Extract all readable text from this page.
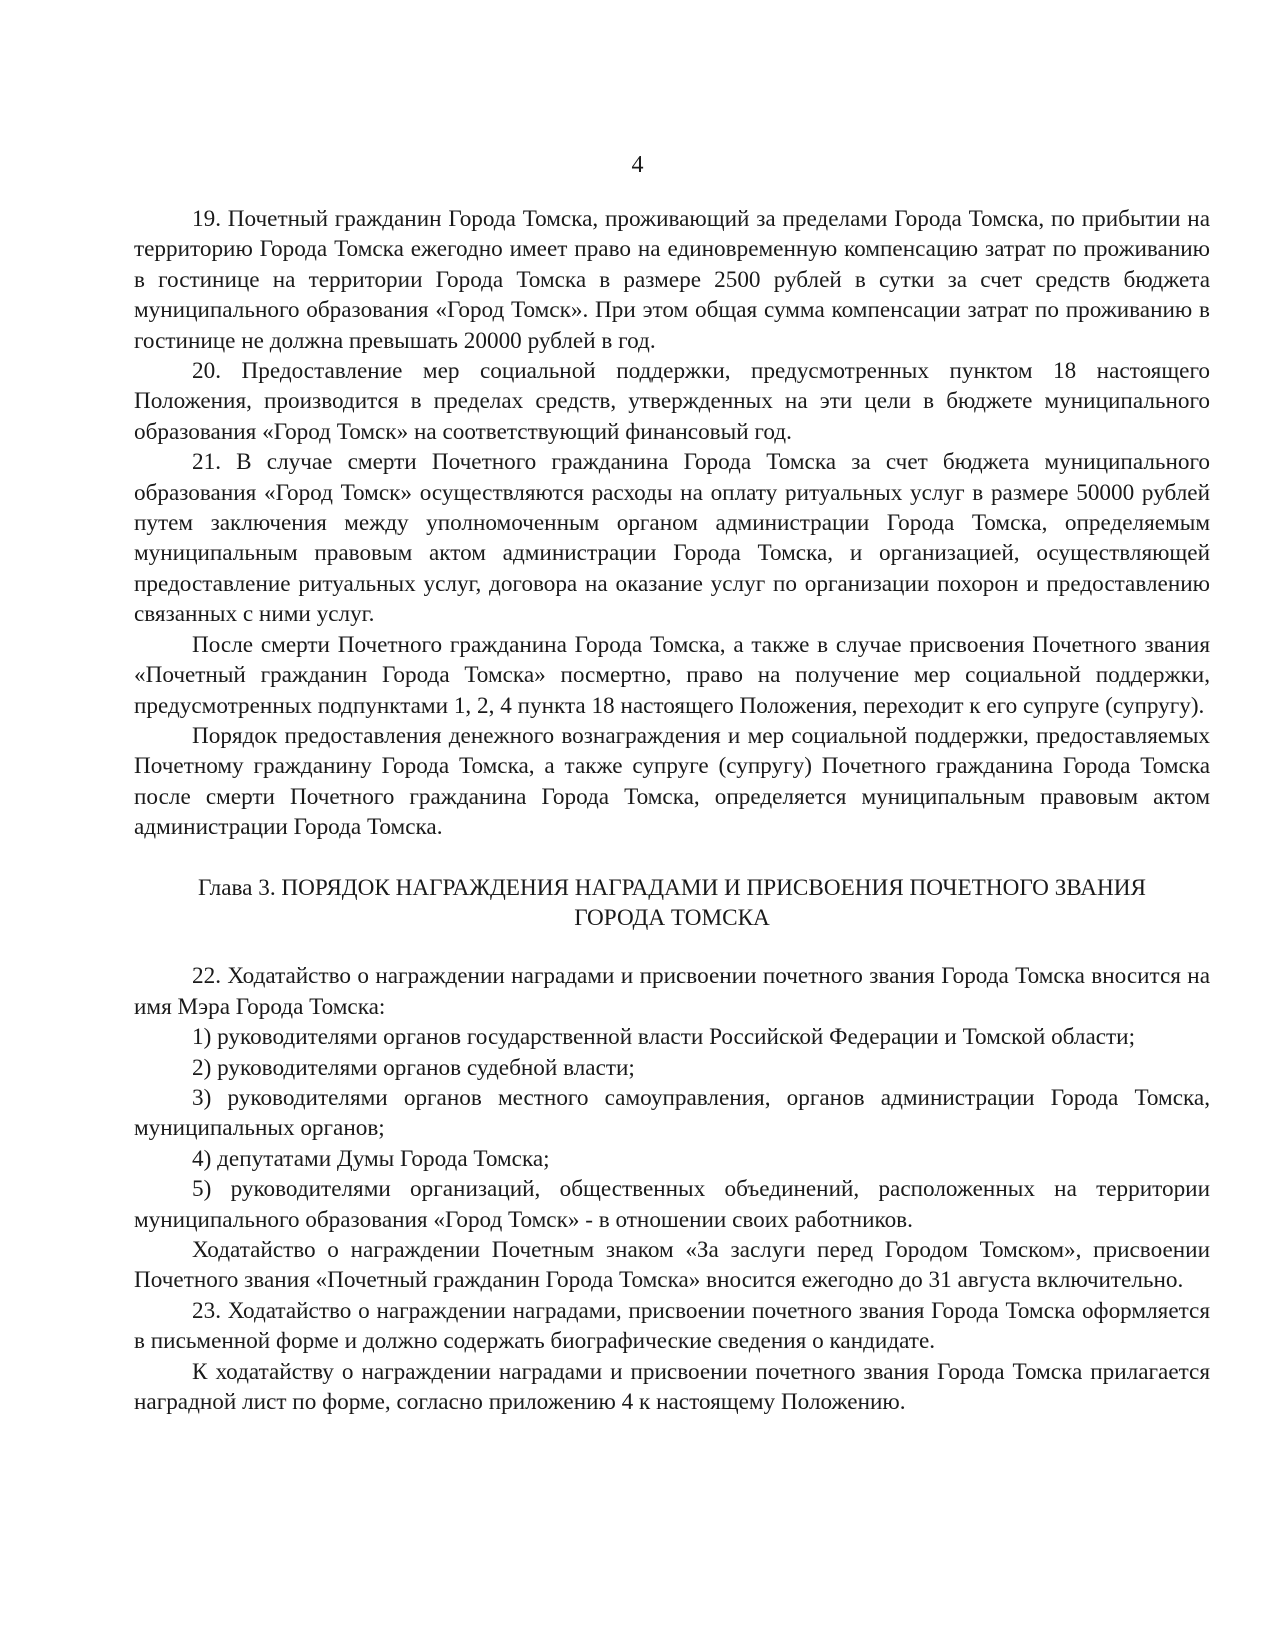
4

19. Почетный гражданин Города Томска, проживающий за пределами Города Томска, по прибытии на территорию Города Томска ежегодно имеет право на единовременную компенсацию затрат по проживанию в гостинице на территории Города Томска в размере 2500 рублей в сутки за счет средств бюджета муниципального образования «Город Томск». При этом общая сумма компенсации затрат по проживанию в гостинице не должна превышать 20000 рублей в год.

20. Предоставление мер социальной поддержки, предусмотренных пунктом 18 настоящего Положения, производится в пределах средств, утвержденных на эти цели в бюджете муниципального образования «Город Томск» на соответствующий финансовый год.

21. В случае смерти Почетного гражданина Города Томска за счет бюджета муниципального образования «Город Томск» осуществляются расходы на оплату ритуальных услуг в размере 50000 рублей путем заключения между уполномоченным органом администрации Города Томска, определяемым муниципальным правовым актом администрации Города Томска, и организацией, осуществляющей предоставление ритуальных услуг, договора на оказание услуг по организации похорон и предоставлению связанных с ними услуг.

После смерти Почетного гражданина Города Томска, а также в случае присвоения Почетного звания «Почетный гражданин Города Томска» посмертно, право на получение мер социальной поддержки, предусмотренных подпунктами 1, 2, 4 пункта 18 настоящего Положения, переходит к его супруге (супругу).

Порядок предоставления денежного вознаграждения и мер социальной поддержки, предоставляемых Почетному гражданину Города Томска, а также супруге (супругу) Почетного гражданина Города Томска после смерти Почетного гражданина Города Томска, определяется муниципальным правовым актом администрации Города Томска.

Глава 3. ПОРЯДОК НАГРАЖДЕНИЯ НАГРАДАМИ И ПРИСВОЕНИЯ ПОЧЕТНОГО ЗВАНИЯ ГОРОДА ТОМСКА

22. Ходатайство о награждении наградами и присвоении почетного звания Города Томска вносится на имя Мэра Города Томска:

1) руководителями органов государственной власти Российской Федерации и Томской области;

2) руководителями органов судебной власти;

3) руководителями органов местного самоуправления, органов администрации Города Томска, муниципальных органов;

4) депутатами Думы Города Томска;

5) руководителями организаций, общественных объединений, расположенных на территории муниципального образования «Город Томск» - в отношении своих работников.

Ходатайство о награждении Почетным знаком «За заслуги перед Городом Томском», присвоении Почетного звания «Почетный гражданин Города Томска» вносится ежегодно до 31 августа включительно.

23. Ходатайство о награждении наградами, присвоении почетного звания Города Томска оформляется в письменной форме и должно содержать биографические сведения о кандидате.

К ходатайству о награждении наградами и присвоении почетного звания Города Томска прилагается наградной лист по форме, согласно приложению 4 к настоящему Положению.
